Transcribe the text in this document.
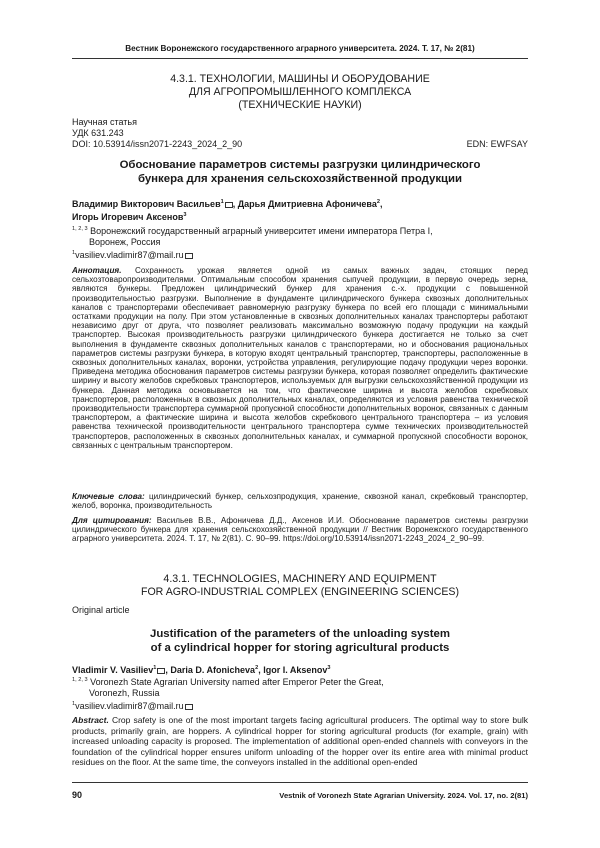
Вестник Воронежского государственного аграрного университета. 2024. Т. 17, № 2(81)
4.3.1. ТЕХНОЛОГИИ, МАШИНЫ И ОБОРУДОВАНИЕ
ДЛЯ АГРОПРОМЫШЛЕННОГО КОМПЛЕКСА
(ТЕХНИЧЕСКИЕ НАУКИ)
Научная статья
УДК 631.243
DOI: 10.53914/issn2071-2243_2024_2_90	EDN: EWFSAY
Обоснование параметров системы разгрузки цилиндрического
бункера для хранения сельскохозяйственной продукции
Владимир Викторович Васильев$^1$ , Дарья Дмитриевна Афоничева$^2$,
Игорь Игоревич Аксенов$^3$
$^{1, 2, 3}$ Воронежский государственный аграрный университет имени императора Петра I,
Воронеж, Россия
$^1$vasiliev.vladimir87@mail.ru
Аннотация. Сохранность урожая является одной из самых важных задач, стоящих перед сельхозтоваропроизводителями. Оптимальным способом хранения сыпучей продукции, в первую очередь зерна, являются бункеры. Предложен цилиндрический бункер для хранения с.-х. продукции с повышенной производительностью разгрузки. Выполнение в фундаменте цилиндрического бункера сквозных дополнительных каналов с транспортерами обеспечивает равномерную разгрузку бункера по всей его площади с минимальными остатками продукции на полу. При этом установленные в сквозных дополнительных каналах транспортеры работают независимо друг от друга, что позволяет реализовать максимально возможную подачу продукции на каждый транспортер. Высокая производительность разгрузки цилиндрического бункера достигается не только за счет выполнения в фундаменте сквозных дополнительных каналов с транспортерами, но и обоснования рациональных параметров системы разгрузки бункера, в которую входят центральный транспортер, транспортеры, расположенные в сквозных дополнительных каналах, воронки, устройства управления, регулирующие подачу продукции через воронки. Приведена методика обоснования параметров системы разгрузки бункера, которая позволяет определить фактические ширину и высоту желобов скребковых транспортеров, используемых для выгрузки сельскохозяйственной продукции из бункера. Данная методика основывается на том, что фактические ширина и высота желобов скребковых транспортеров, расположенных в сквозных дополнительных каналах, определяются из условия равенства технической производительности транспортера суммарной пропускной способности дополнительных воронок, связанных с данным транспортером, а фактические ширина и высота желобов скребкового центрального транспортера – из условия равенства технической производительности центрального транспортера сумме технических производительностей транспортеров, расположенных в сквозных дополнительных каналах, и суммарной пропускной способности воронок, связанных с центральным транспортером.
Ключевые слова: цилиндрический бункер, сельхозпродукция, хранение, сквозной канал, скребковый транспортер, желоб, воронка, производительность
Для цитирования: Васильев В.В., Афоничева Д.Д., Аксенов И.И. Обоснование параметров системы разгрузки цилиндрического бункера для хранения сельскохозяйственной продукции // Вестник Воронежского государственного аграрного университета. 2024. Т. 17, № 2(81). С. 90–99. https://doi.org/10.53914/issn2071-2243_2024_2_90–99.
4.3.1. TECHNOLOGIES, MACHINERY AND EQUIPMENT
FOR AGRO-INDUSTRIAL COMPLEX (ENGINEERING SCIENCES)
Original article
Justification of the parameters of the unloading system
of a cylindrical hopper for storing agricultural products
Vladimir V. Vasiliev$^1$ , Daria D. Afonicheva$^2$, Igor I. Aksenov$^3$
$^{1, 2, 3}$ Voronezh State Agrarian University named after Emperor Peter the Great,
Voronezh, Russia
$^1$vasiliev.vladimir87@mail.ru
Abstract. Crop safety is one of the most important targets facing agricultural producers. The optimal way to store bulk products, primarily grain, are hoppers. A cylindrical hopper for storing agricultural products (for example, grain) with increased unloading capacity is proposed. The implementation of additional open-ended channels with conveyors in the foundation of the cylindrical hopper ensures uniform unloading of the hopper over its entire area with minimal product residues on the floor. At the same time, the conveyors installed in the additional open-ended
90	Vestnik of Voronezh State Agrarian University. 2024. Vol. 17, no. 2(81)
